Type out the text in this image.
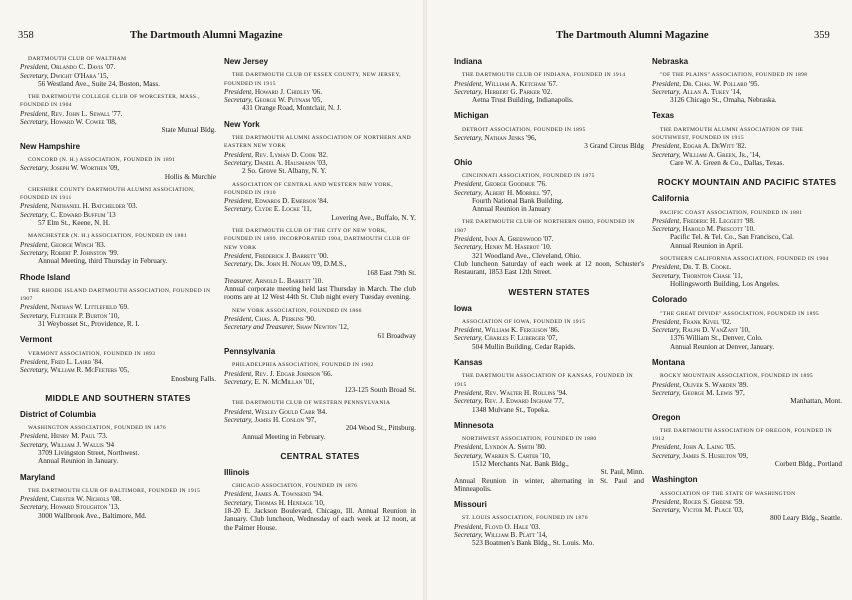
358	The Dartmouth Alumni Magazine
DARTMOUTH CLUB OF WALTHAM
President, Orlando C. Davis '07.
Secretary, Dwight O'Hara '15,
56 Westland Ave., Suite 24, Boston, Mass.
THE DARTMOUTH COLLEGE CLUB OF WORCESTER, MASS., FOUNDED IN 1904
President, Rev. John L. Sewall '77.
Secretary, Howard W. Cowee '08,
State Mutual Bldg.
New Hampshire
CONCORD (N. H.) ASSOCIATION, FOUNDED IN 1891
Secretary, Joseph W. Worthen '09,
Hollis & Murchie
CHESHIRE COUNTY DARTMOUTH ALUMNI ASSOCIATION, FOUNDED IN 1911
President, Nathaniel H. Batchelder '03.
Secretary, C. Edward Buffum '13
57 Elm St., Keene, N. H.
MANCHESTER (N. H.) ASSOCIATION, FOUNDED IN 1881
President, George Winch '83.
Secretary, Robert P. Johnston '99.
Annual Meeting, third Thursday in February.
Rhode Island
THE RHODE ISLAND DARTMOUTH ASSOCIATION, FOUNDED IN 1907
President, Nathan W. Littlefield '69.
Secretary, Fletcher P. Burton '10,
31 Weybosset St., Providence, R. I.
Vermont
VERMONT ASSOCIATION, FOUNDED IN 1893
President, Fred L. Laird '84.
Secretary, William R. McFeeters '05,
Enosburg Falls.
MIDDLE AND SOUTHERN STATES
District of Columbia
WASHINGTON ASSOCIATION, FOUNDED IN 1876
President, Henry M. Paul '73.
Secretary, William J. Wallis '94
3709 Livingston Street, Northwest.
Annual Reunion in January.
Maryland
THE DARTMOUTH CLUB OF BALTIMORE, FOUNDED IN 1915
President, Chester W. Nichols '08.
Secretary, Howard Stoughton '13,
3000 Wallbrook Ave., Baltimore, Md.
New Jersey
THE DARTMOUTH CLUB OF ESSEX COUNTY, NEW JERSEY, FOUNDED IN 1915
President, Howard J. Chidley '06.
Secretary, George W. Putnam '05,
431 Orange Road, Montclair, N. J.
New York
THE DARTMOUTH ALUMNI ASSOCIATION OF NORTHERN AND EASTERN NEW YORK
President, Rev. Lyman D. Cook '82.
Secretary, Daniel A. Hausmann '03,
2 So. Grove St. Albany, N. Y.
ASSOCIATION OF CENTRAL AND WESTERN NEW YORK, FOUNDED IN 1910
President, Edwards D. Emerson '84.
Secretary, Clyde E. Locke '11,
Lovering Ave., Buffalo, N. Y.
THE DARTMOUTH CLUB OF THE CITY OF NEW YORK, FOUNDED IN 1899. INCORPORATED 1904, DARTMOUTH CLUB OF NEW YORK
President, Frederick J. Barrett '00.
Secretary, Dr. John H. Nolan '09, D.M.S.,
168 East 79th St.
Treasurer, Arnold L. Barrett '10.
Annual corporate meeting held last Thursday in March. The club rooms are at 12 West 44th St. Club night every Tuesday evening.
NEW YORK ASSOCIATION, FOUNDED IN 1866
President, Chas. A. Perkins '90.
Secretary and Treasurer, Shaw Newton '12,
61 Broadway
Pennsylvania
PHILADELPHIA ASSOCIATION, FOUNDED IN 1902
President, Rev. J. Edgar Johnson '66.
Secretary, E. N. McMillan '01,
123-125 South Broad St.
THE DARTMOUTH CLUB OF WESTERN PENNSYLVANIA
President, Wesley Gould Carr '84.
Secretary, James H. Conlon '97,
204 Wood St., Pittsburg.
Annual Meeting in February.
CENTRAL STATES
Illinois
CHICAGO ASSOCIATION, FOUNDED IN 1876
President, James A. Townsend '94.
Secretary, Thomas H. Heneage '10,
18-20 E. Jackson Boulevard, Chicago, Ill. Annual Reunion in January. Club luncheon, Wednesday of each week at 12 noon, at the Palmer House.
The Dartmouth Alumni Magazine	359
Indiana
THE DARTMOUTH CLUB OF INDIANA, FOUNDED IN 1914
President, William A. Ketcham '67.
Secretary, Herbert G. Parker '02.
Aetna Trust Building, Indianapolis.
Michigan
DETROIT ASSOCIATION, FOUNDED IN 1895
Secretary, Nathan Jenks '96,
3 Grand Circus Bldg
Ohio
CINCINNATI ASSOCIATION, FOUNDED IN 1875
President, George Goodhue '76.
Secretary, Albert H. Morrill '97,
Fourth National Bank Building.
Annual Reunion in January
THE DARTMOUTH CLUB OF NORTHERN OHIO, FOUNDED IN 1907
President, Ivan A. Greenwood '07.
Secretary, Henry M. Haserot '10.
321 Woodland Ave., Cleveland, Ohio.
Club luncheon Saturday of each week at 12 noon, Schuster's Restaurant, 1853 East 12th Street.
WESTERN STATES
Iowa
ASSOCIATION OF IOWA, FOUNDED IN 1915
President, William K. Ferguson '86.
Secretary, Charles F. Luberger '07,
504 Mullin Building, Cedar Rapids.
Kansas
THE DARTMOUTH ASSOCIATION OF KANSAS, FOUNDED IN 1915
President, Rev. Walter H. Rollins '94.
Secretary, Rev. J. Edward Ingham '77,
1348 Mulvane St., Topeka.
Minnesota
NORTHWEST ASSOCIATION, FOUNDED IN 1880
President, Lyndon A. Smith '80.
Secretary, Warren S. Carter '10,
1512 Merchants Nat. Bank Bldg.,
St. Paul, Minn.
Annual Reunion in winter, alternating in St. Paul and Minneapolis.
Missouri
ST. LOUIS ASSOCIATION, FOUNDED IN 1876
President, Floyd O. Hale '03.
Secretary, William B. Platt '14,
523 Boatmen's Bank Bldg., St. Louis. Mo.
Nebraska
"OF THE PLAINS" ASSOCIATION, FOUNDED IN 1898
President, Dr. Chas. W. Pollard '95.
Secretary, Allan A. Tukey '14,
3126 Chicago St., Omaha, Nebraska.
Texas
THE DARTMOUTH ALUMNI ASSOCIATION OF THE SOUTHWEST, FOUNDED IN 1915
President, Edgar A. DeWitt '82.
Secretary, William A. Green, Jr., '14,
Care W. A. Green & Co., Dallas, Texas.
ROCKY MOUNTAIN AND PACIFIC STATES
California
PACIFIC COAST ASSOCIATION, FOUNDED IN 1881
President, Frederic H. Leggett '98.
Secretary, Harold M. Prescott '10.
Pacific Tel. & Tel. Co., San Francisco, Cal.
Annual Reunion in April.
SOUTHERN CALIFORNIA ASSOCIATION, FOUNDED IN 1904
President, Dr. T. B. Cooke.
Secretary, Thornton Chase '11,
Hollingsworth Building, Los Angeles.
Colorado
"THE GREAT DIVIDE" ASSOCIATION, FOUNDED IN 1895
President, Frank Kivel '02.
Secretary, Ralph D. VanZant '10,
1376 William St., Denver, Colo.
Annual Reunion at Denver, January.
Montana
ROCKY MOUNTAIN ASSOCIATION, FOUNDED IN 1895
President, Oliver S. Warden '89.
Secretary, George M. Lewis '97,
Manhattan, Mont.
Oregon
THE DARTMOUTH ASSOCIATION OF OREGON, FOUNDED IN 1912
President, John A. Laing '05.
Secretary, James S. Huselton '09,
Corbett Bldg., Portland
Washington
ASSOCIATION OF THE STATE OF WASHINGTON
President, Roger S. Greene '59.
Secretary, Victor M. Place '03,
800 Leary Bldg., Seattle.
